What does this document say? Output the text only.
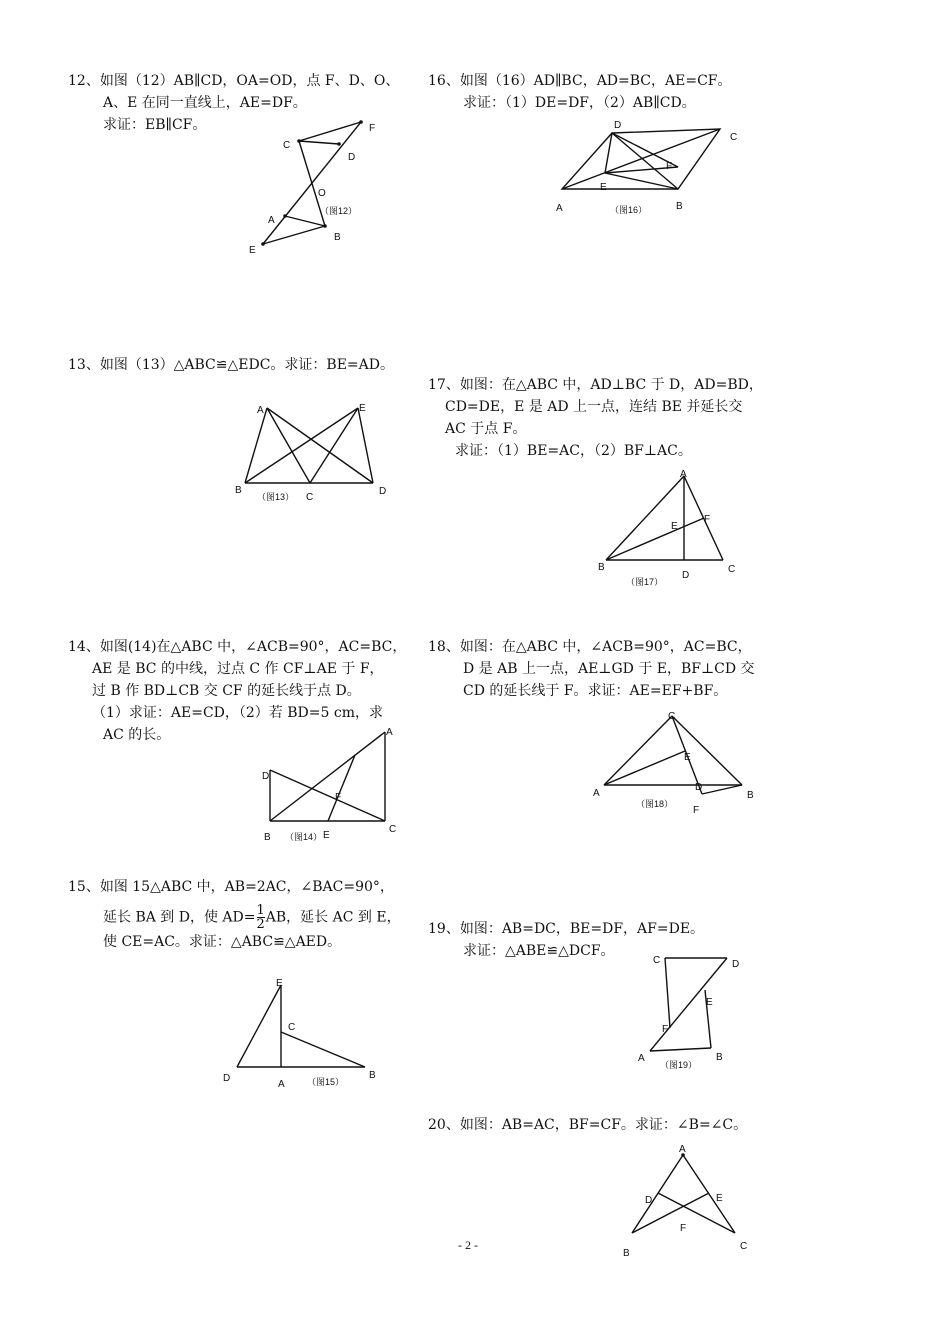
12、如图（12）AB∥CD，OA=OD，点 F、D、O、
A、E 在同一直线上，AE=DF。
求证：EB∥CF。	F
C
D
O
（图12）
A
B
E
13、如图（13）△ABC≌△EDC。求证：BE=AD。
A	E
B
（图13） C
D
14、如图(14)在△ABC 中，∠ACB=90°，AC=BC，
AE 是 BC 的中线，过点 C 作 CF⊥AE 于 F，
过 B 作 BD⊥CB 交 CF 的延长线于点 D。
（1）求证：AE=CD，（2）若 BD=5 cm，求
AC 的长。	A
D
F
B （图14） E
C
15、如图 15△ABC 中，AB=2AC，∠BAC=90°，
延长 BA 到 D，使 $AD= \frac{1}{2}$ AB，延长 AC 到 E，
使 CE=AC。求证：△ABC≌△AED。
E
C
D
A （图15）
B
16、如图（16）AD∥BC，AD=BC，AE=CF。
求证：（1）DE=DF，（2）AB∥CD。
D
C
F
E
A	（图16）	B
17、如图：在△ABC 中，AD⊥BC 于 D，AD=BD，
CD=DE，E 是 AD 上一点，连结 BE 并延长交
AC 于点 F。
求证：（1）BE=AC，（2）BF⊥AC。
A
E
F
B
D
C
（图17）
18、如图：在△ABC 中，∠ACB=90°，AC=BC，
D 是 AB 上一点，AE⊥GD 于 E，BF⊥CD 交
CD 的延长线于 F。求证：AE=EF+BF。
C
E
A
D
B
（图18）
F
19、如图：AB=DC，BE=DF，AF=DE。
求证：△ABE≌△DCF。
C	D
E
F
A	B
（图19）
20、如图：AB=AC，BF=CF。求证：∠B=∠C。
A
D	E
F
B
C
- 2 -
